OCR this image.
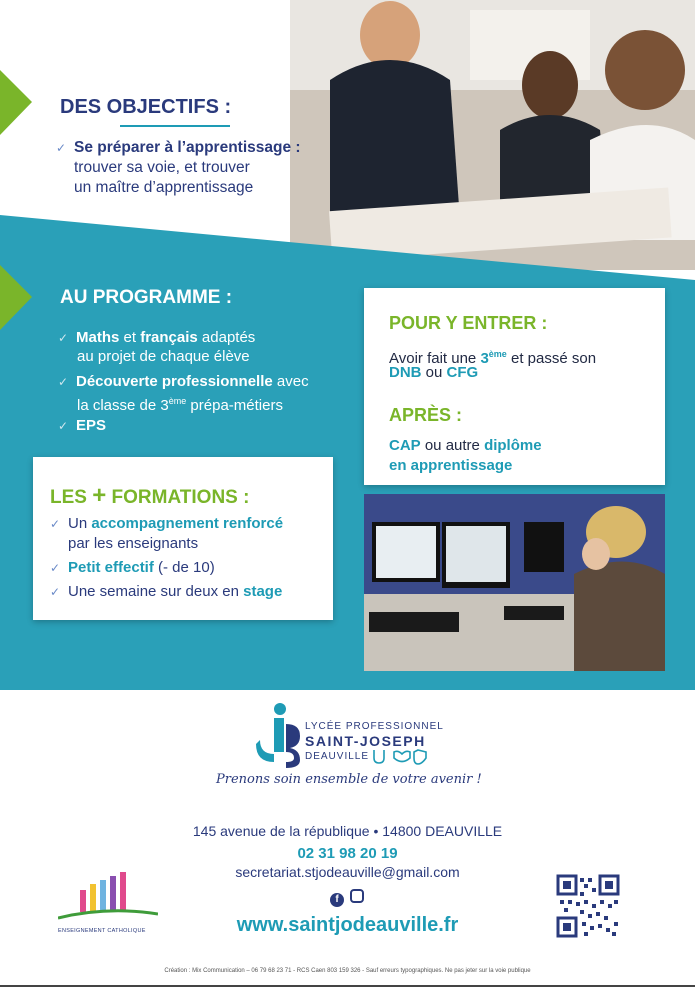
DES OBJECTIFS :
✓ Se préparer à l’apprentissage :
trouver sa voie, et trouver
un maître d’apprentissage
AU PROGRAMME :
✓ Maths et français adaptés
au projet de chaque élève
✓ Découverte professionnelle avec
la classe de 3ème prépa-métiers
✓ EPS
LES + FORMATIONS :
✓ Un accompagnement renforcé
par les enseignants
✓ Petit effectif (- de 10)
✓ Une semaine sur deux en stage
POUR Y ENTRER :
Avoir fait une 3ème et passé son
DNB ou CFG
APRÈS :
CAP ou autre diplôme
en apprentissage
LYCÉE PROFESSIONNEL
SAINT-JOSEPH
DEAUVILLE
Prenons soin ensemble de votre avenir !
145 avenue de la république • 14800 DEAUVILLE
02 31 98 20 19
secretariat.stjodeauville@gmail.com
f
www.saintjodeauville.fr
ENSEIGNEMENT CATHOLIQUE
Création : Mix Communication – 06 79 68 23 71 - RCS Caen 803 159 326 - Sauf erreurs typographiques. Ne pas jeter sur la voie publique
